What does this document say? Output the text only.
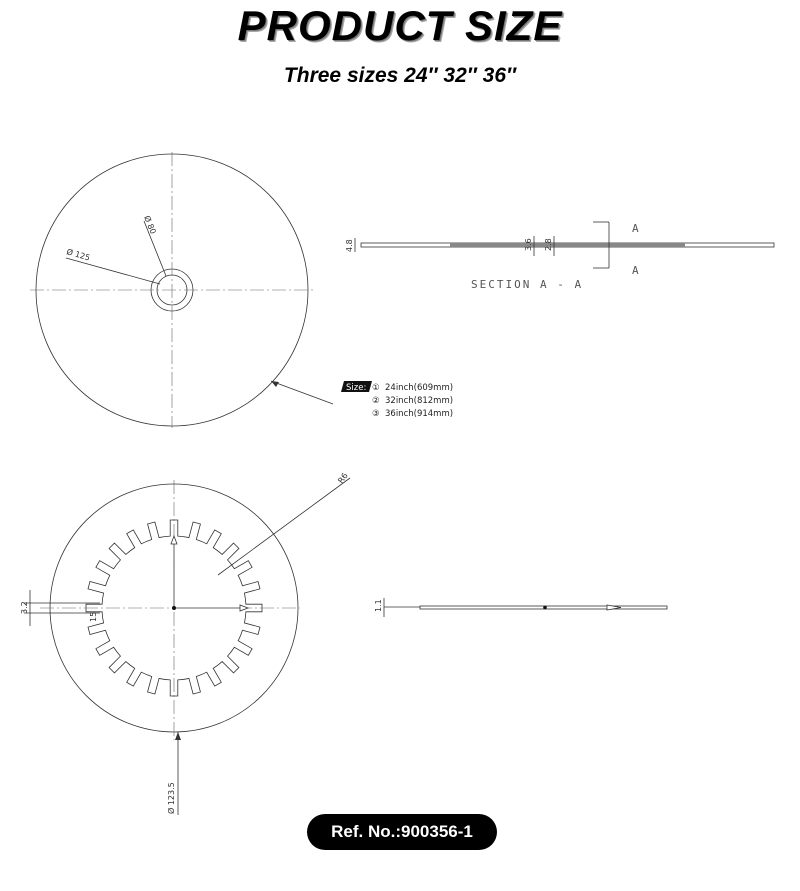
PRODUCT SIZE
Three sizes 24″ 32″ 36″
Ø 80
Ø 125
4.8	3.6 2.8
A
A
SECTION A - A
Size: ① 24inch(609mm)
② 32inch(812mm)
③ 36inch(914mm)
R6
3.2
15
Ø 123.5
1.1
Ref. No.:900356-1
